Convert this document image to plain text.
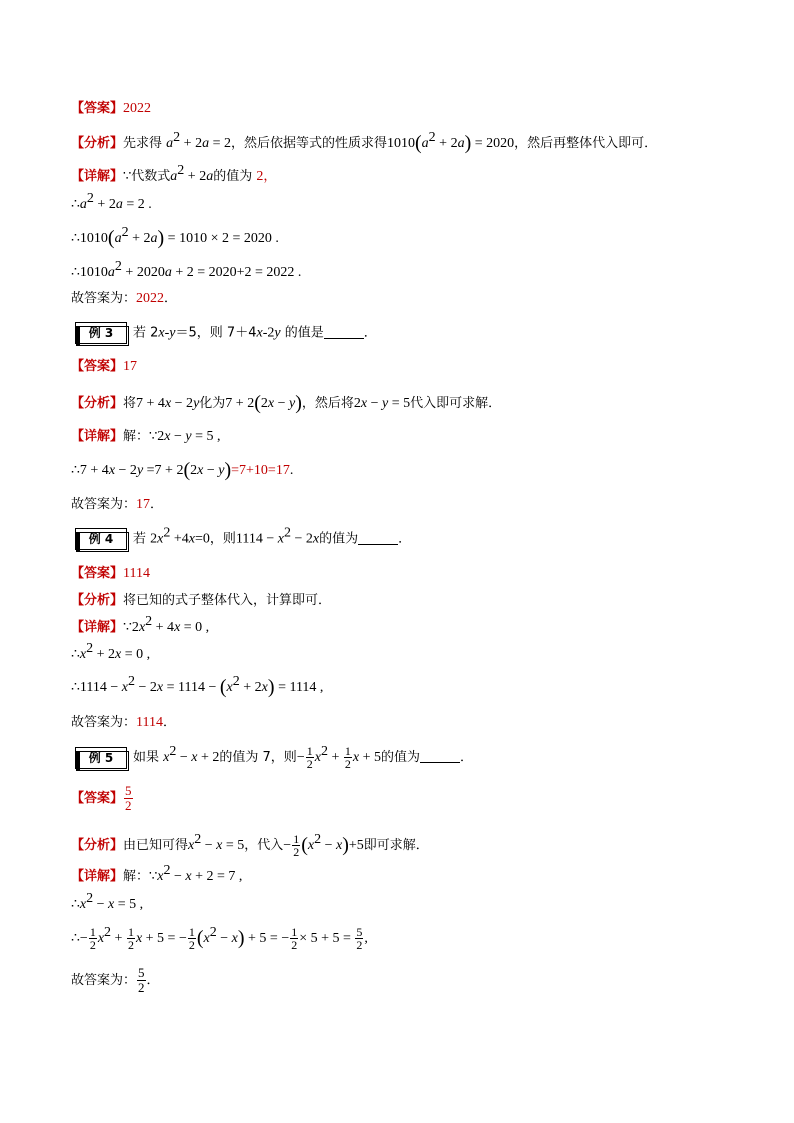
【答案】2022
【分析】先求得 $a^2 + 2a = 2$，然后依据等式的性质求得$1010(a^2 + 2a) = 2020$，然后再整体代入即可．
【详解】∵代数式$a^2 + 2a$的值为 2，
$\therefore a^2 + 2a = 2$ .
$\therefore 1010(a^2 + 2a) = 1010 \times 2 = 2020$ .
$\therefore 1010a^2 + 2020a + 2 = 2020+2 = 2022$ .
故答案为：2022．
例 3	若 2x-y＝5，则 7＋4x-2y 的值是	．
【答案】17
【分析】将7 + 4x − 2y化为7 + 2(2x − y)，然后将2x − y = 5代入即可求解．
【详解】解：∵2x − y = 5 ,
∴7 + 4x − 2y =7 + 2(2x − y)=7+10=17.
故答案为：17．
例 4	若 $2x^2 +4x=0$，则$1114 - x^2 - 2x$的值为	．
【答案】1114
【分析】将已知的式子整体代入，计算即可．
【详解】$\because 2x^2 + 4x = 0$ ,
$\therefore x^2 + 2x = 0$ ,
∴1114 − $x^2 - 2x = 1114 - (x^2 + 2x) = 1114$ ,
故答案为：1114．
例 5	如果 $x^2 - x + 2$的值为 7，则− $\frac{1}{2} x^2 + \frac{1}{2}$ x + 5的值为	．
【答案】 $\frac{5}{2}$
【分析】由已知可得$x^2 - x = 5$，代入− $\frac{1}{2} (x^2 - x)+5$即可求解．
【详解】解：$\because x^2 - x + 2 = 7$ ,
$\therefore x^2 - x = 5$ ,
∴− $\frac{1}{2} x^2 + \frac{1}{2}$ x + 5 = − $\frac{1}{2} (x^2 - x) + 5$ = − $\frac{1}{2} \times 5 + 5 = \frac{5}{2}$ ,
故答案为： $\frac{5}{2}$ ．
